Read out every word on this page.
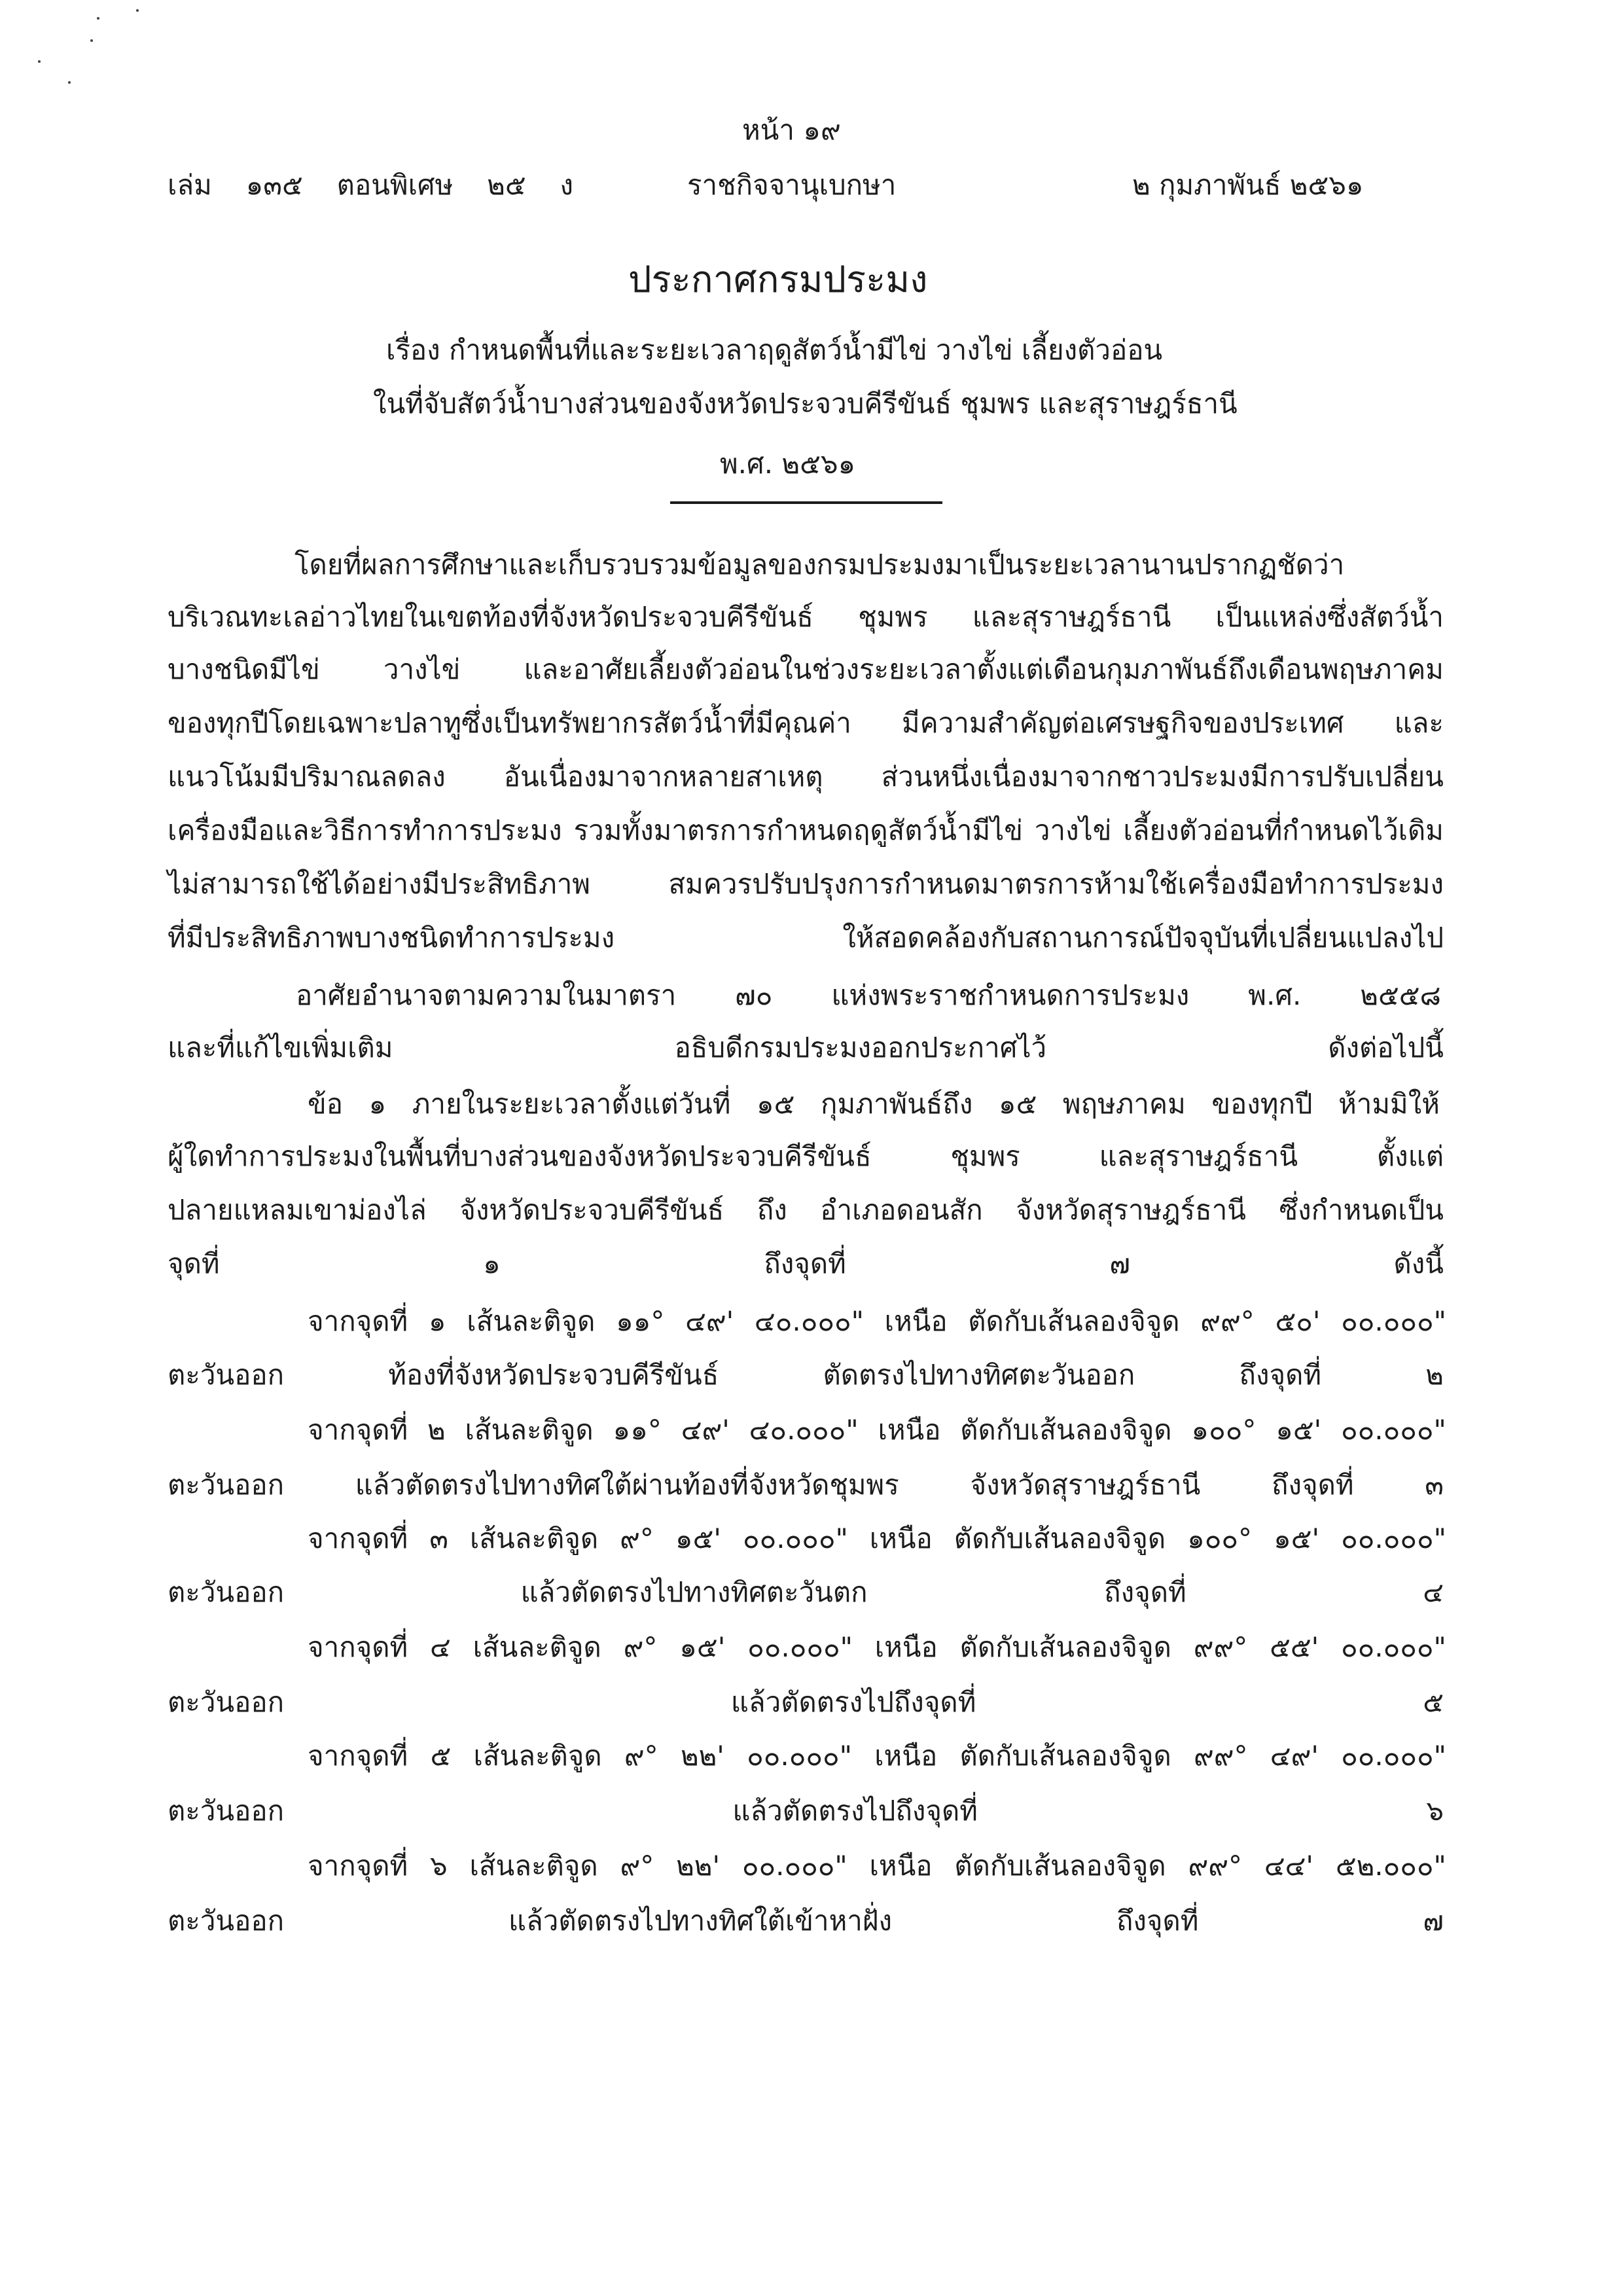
หน้า ๑๙
เล่ม ๑๓๕ ตอนพิเศษ ๒๕ ง	ราชกิจจานุเบกษา	๒ กุมภาพันธ์ ๒๕๖๑
ประกาศกรมประมง
เรื่อง กำหนดพื้นที่และระยะเวลาฤดูสัตว์น้ำมีไข่ วางไข่ เลี้ยงตัวอ่อน
ในที่จับสัตว์น้ำบางส่วนของจังหวัดประจวบคีรีขันธ์ ชุมพร และสุราษฎร์ธานี
พ.ศ. ๒๕๖๑
โดยที่ผลการศึกษาและเก็บรวบรวมข้อมูลของกรมประมงมาเป็นระยะเวลานานปรากฏชัดว่า
บริเวณทะเลอ่าวไทยในเขตท้องที่จังหวัดประจวบคีรีขันธ์ ชุมพร และสุราษฎร์ธานี เป็นแหล่งซึ่งสัตว์น้ำ
บางชนิดมีไข่ วางไข่ และอาศัยเลี้ยงตัวอ่อนในช่วงระยะเวลาตั้งแต่เดือนกุมภาพันธ์ถึงเดือนพฤษภาคม
ของทุกปีโดยเฉพาะปลาทูซึ่งเป็นทรัพยากรสัตว์น้ำที่มีคุณค่า มีความสำคัญต่อเศรษฐกิจของประเทศ และ
แนวโน้มมีปริมาณลดลง อันเนื่องมาจากหลายสาเหตุ ส่วนหนึ่งเนื่องมาจากชาวประมงมีการปรับเปลี่ยน
เครื่องมือและวิธีการทำการประมง รวมทั้งมาตรการกำหนดฤดูสัตว์น้ำมีไข่ วางไข่ เลี้ยงตัวอ่อนที่กำหนดไว้เดิม
ไม่สามารถใช้ได้อย่างมีประสิทธิภาพ	สมควรปรับปรุงการกำหนดมาตรการห้ามใช้เครื่องมือทำการประมง
ที่มีประสิทธิภาพบางชนิดทำการประมง	ให้สอดคล้องกับสถานการณ์ปัจจุบันที่เปลี่ยนแปลงไป
อาศัยอำนาจตามความในมาตรา ๗๐ แห่งพระราชกำหนดการประมง พ.ศ. ๒๕๕๘
และที่แก้ไขเพิ่มเติม	อธิบดีกรมประมงออกประกาศไว้	ดังต่อไปนี้
ข้อ ๑ ภายในระยะเวลาตั้งแต่วันที่ ๑๕ กุมภาพันธ์ถึง ๑๕ พฤษภาคม ของทุกปี ห้ามมิให้
ผู้ใดทำการประมงในพื้นที่บางส่วนของจังหวัดประจวบคีรีขันธ์	ชุมพร	และสุราษฎร์ธานี	ตั้งแต่
ปลายแหลมเขาม่องไล่ จังหวัดประจวบคีรีขันธ์ ถึง อำเภอดอนสัก จังหวัดสุราษฎร์ธานี ซึ่งกำหนดเป็น
จุดที่	๑	ถึงจุดที่	๗	ดังนี้
จากจุดที่ ๑ เส้นละติจูด ๑๑° ๔๙' ๔๐.๐๐๐" เหนือ ตัดกับเส้นลองจิจูด ๙๙° ๕๐' ๐๐.๐๐๐"
ตะวันออก	ท้องที่จังหวัดประจวบคีรีขันธ์	ตัดตรงไปทางทิศตะวันออก	ถึงจุดที่	๒
จากจุดที่ ๒ เส้นละติจูด ๑๑° ๔๙' ๔๐.๐๐๐" เหนือ ตัดกับเส้นลองจิจูด ๑๐๐° ๑๕' ๐๐.๐๐๐"
ตะวันออก	แล้วตัดตรงไปทางทิศใต้ผ่านท้องที่จังหวัดชุมพร	จังหวัดสุราษฎร์ธานี	ถึงจุดที่	๓
จากจุดที่ ๓ เส้นละติจูด ๙° ๑๕' ๐๐.๐๐๐" เหนือ ตัดกับเส้นลองจิจูด ๑๐๐° ๑๕' ๐๐.๐๐๐"
ตะวันออก	แล้วตัดตรงไปทางทิศตะวันตก	ถึงจุดที่	๔
จากจุดที่ ๔ เส้นละติจูด ๙° ๑๕' ๐๐.๐๐๐" เหนือ ตัดกับเส้นลองจิจูด ๙๙° ๕๕' ๐๐.๐๐๐"
ตะวันออก	แล้วตัดตรงไปถึงจุดที่	๕
จากจุดที่ ๕ เส้นละติจูด ๙° ๒๒' ๐๐.๐๐๐" เหนือ ตัดกับเส้นลองจิจูด ๙๙° ๔๙' ๐๐.๐๐๐"
ตะวันออก	แล้วตัดตรงไปถึงจุดที่	๖
จากจุดที่ ๖ เส้นละติจูด ๙° ๒๒' ๐๐.๐๐๐" เหนือ ตัดกับเส้นลองจิจูด ๙๙° ๔๔' ๕๒.๐๐๐"
ตะวันออก	แล้วตัดตรงไปทางทิศใต้เข้าหาฝั่ง	ถึงจุดที่	๗
